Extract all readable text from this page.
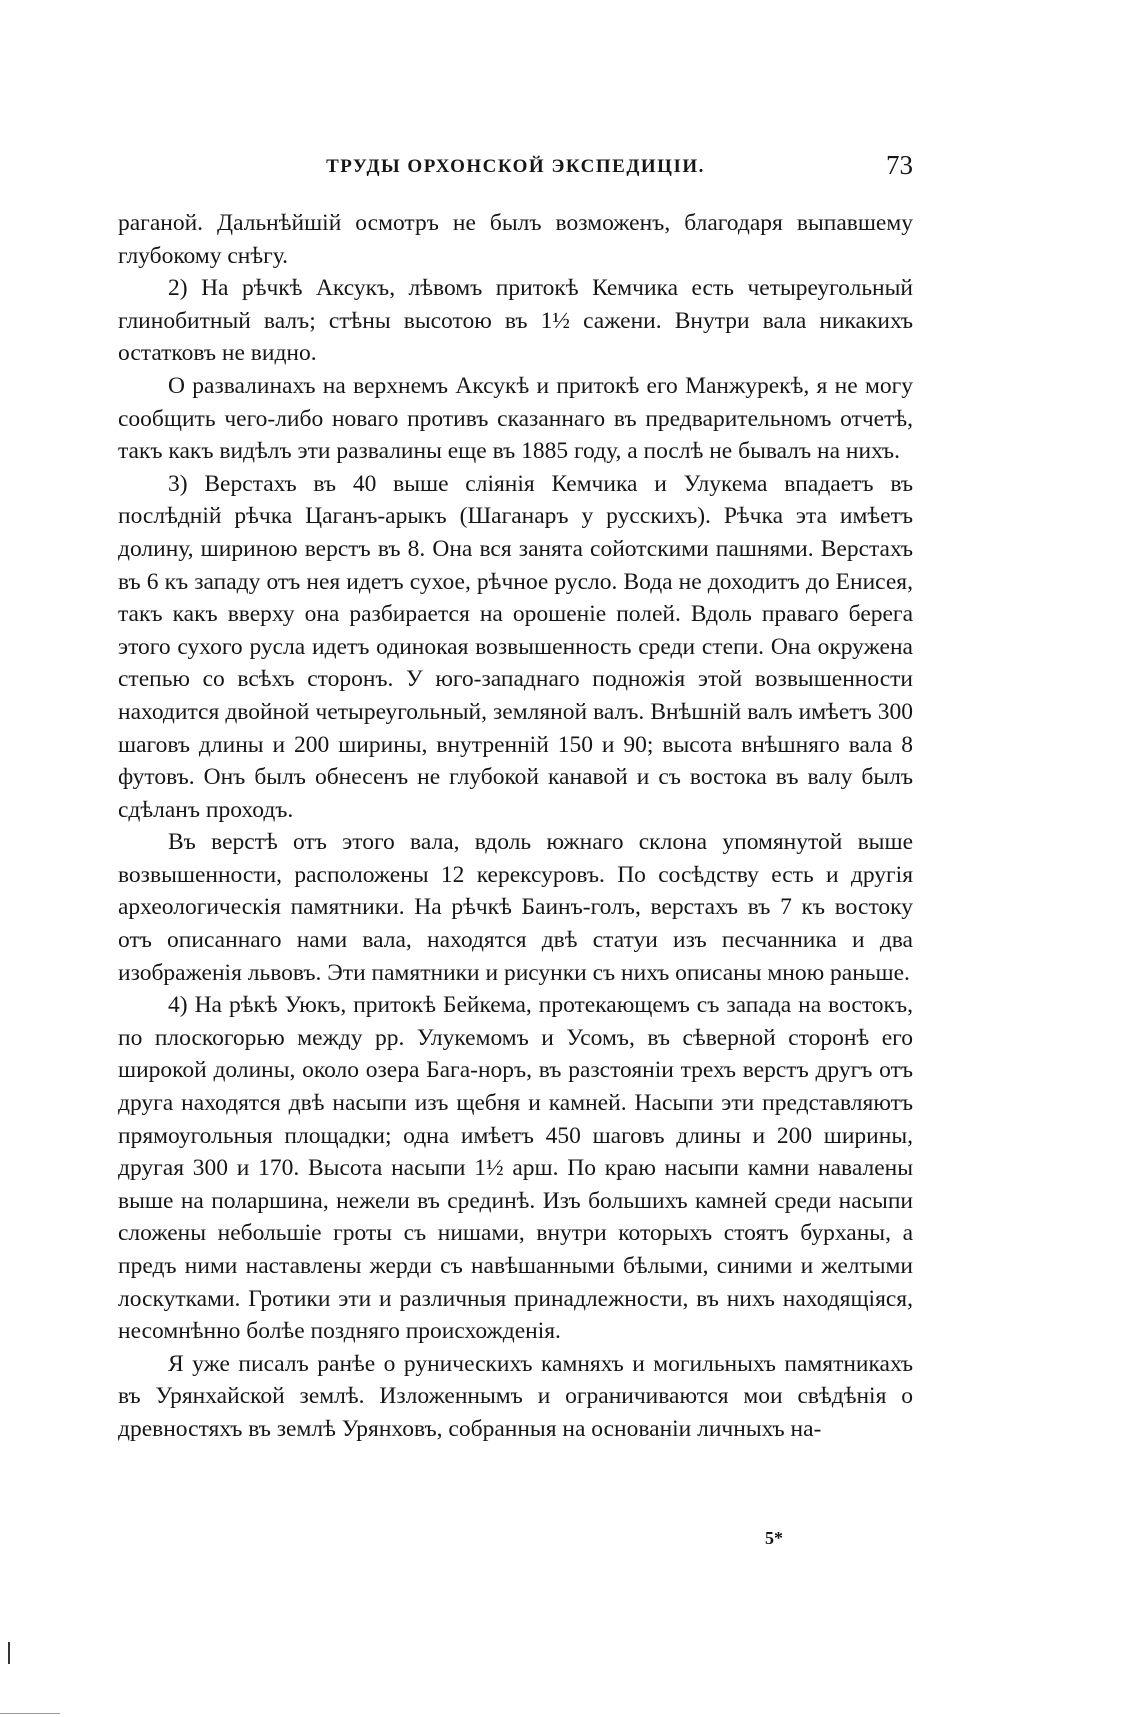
ТРУДЫ ОРХОНСКОЙ ЭКСПЕДИЦІИ.	73

раганой. Дальнѣйшій осмотръ не былъ возможенъ, благодаря выпавшему глубокому снѣгу.

2) На рѣчкѣ Аксукъ, лѣвомъ притокѣ Кемчика есть четыреугольный глинобитный валъ; стѣны высотою въ 1½ сажени. Внутри вала никакихъ остатковъ не видно.

О развалинахъ на верхнемъ Аксукѣ и притокѣ его Манжурекѣ, я не могу сообщить чего-либо новаго противъ сказаннаго въ предварительномъ отчетѣ, такъ какъ видѣлъ эти развалины еще въ 1885 году, а послѣ не бывалъ на нихъ.

3) Верстахъ въ 40 выше сліянія Кемчика и Улукема впадаетъ въ послѣдній рѣчка Цаганъ-арыкъ (Шаганаръ у русскихъ). Рѣчка эта имѣетъ долину, шириною верстъ въ 8. Она вся занята сойотскими пашнями. Верстахъ въ 6 къ западу отъ нея идетъ сухое, рѣчное русло. Вода не доходитъ до Енисея, такъ какъ вверху она разбирается на орошеніе полей. Вдоль праваго берега этого сухого русла идетъ одинокая возвышенность среди степи. Она окружена степью со всѣхъ сторонъ. У юго-западнаго подножія этой возвышенности находится двойной четыреугольный, земляной валъ. Внѣшній валъ имѣетъ 300 шаговъ длины и 200 ширины, внутренній 150 и 90; высота внѣшняго вала 8 футовъ. Онъ былъ обнесенъ не глубокой канавой и съ востока въ валу былъ сдѣланъ проходъ.

Въ верстѣ отъ этого вала, вдоль южнаго склона упомянутой выше возвышенности, расположены 12 керексуровъ. По сосѣдству есть и другія археологическія памятники. На рѣчкѣ Баинъ-голъ, верстахъ въ 7 къ востоку отъ описаннаго нами вала, находятся двѣ статуи изъ песчанника и два изображенія львовъ. Эти памятники и рисунки съ нихъ описаны мною раньше.

4) На рѣкѣ Уюкъ, притокѣ Бейкема, протекающемъ съ запада на востокъ, по плоскогорью между рр. Улукемомъ и Усомъ, въ сѣверной сторонѣ его широкой долины, около озера Бага-норъ, въ разстояніи трехъ верстъ другъ отъ друга находятся двѣ насыпи изъ щебня и камней. Насыпи эти представляютъ прямоугольныя площадки; одна имѣетъ 450 шаговъ длины и 200 ширины, другая 300 и 170. Высота насыпи 1½ арш. По краю насыпи камни навалены выше на поларшина, нежели въ срединѣ. Изъ большихъ камней среди насыпи сложены небольшіе гроты съ нишами, внутри которыхъ стоятъ бурханы, а предъ ними наставлены жерди съ навѣшанными бѣлыми, синими и желтыми лоскутками. Гротики эти и различныя принадлежности, въ нихъ находящіяся, несомнѣнно болѣе поздняго происхожденія.

Я уже писалъ ранѣе о руническихъ камняхъ и могильныхъ памятникахъ въ Урянхайской землѣ. Изложеннымъ и ограничиваются мои свѣдѣнія о древностяхъ въ землѣ Урянховъ, собранныя на основаніи личныхъ на-

5*
